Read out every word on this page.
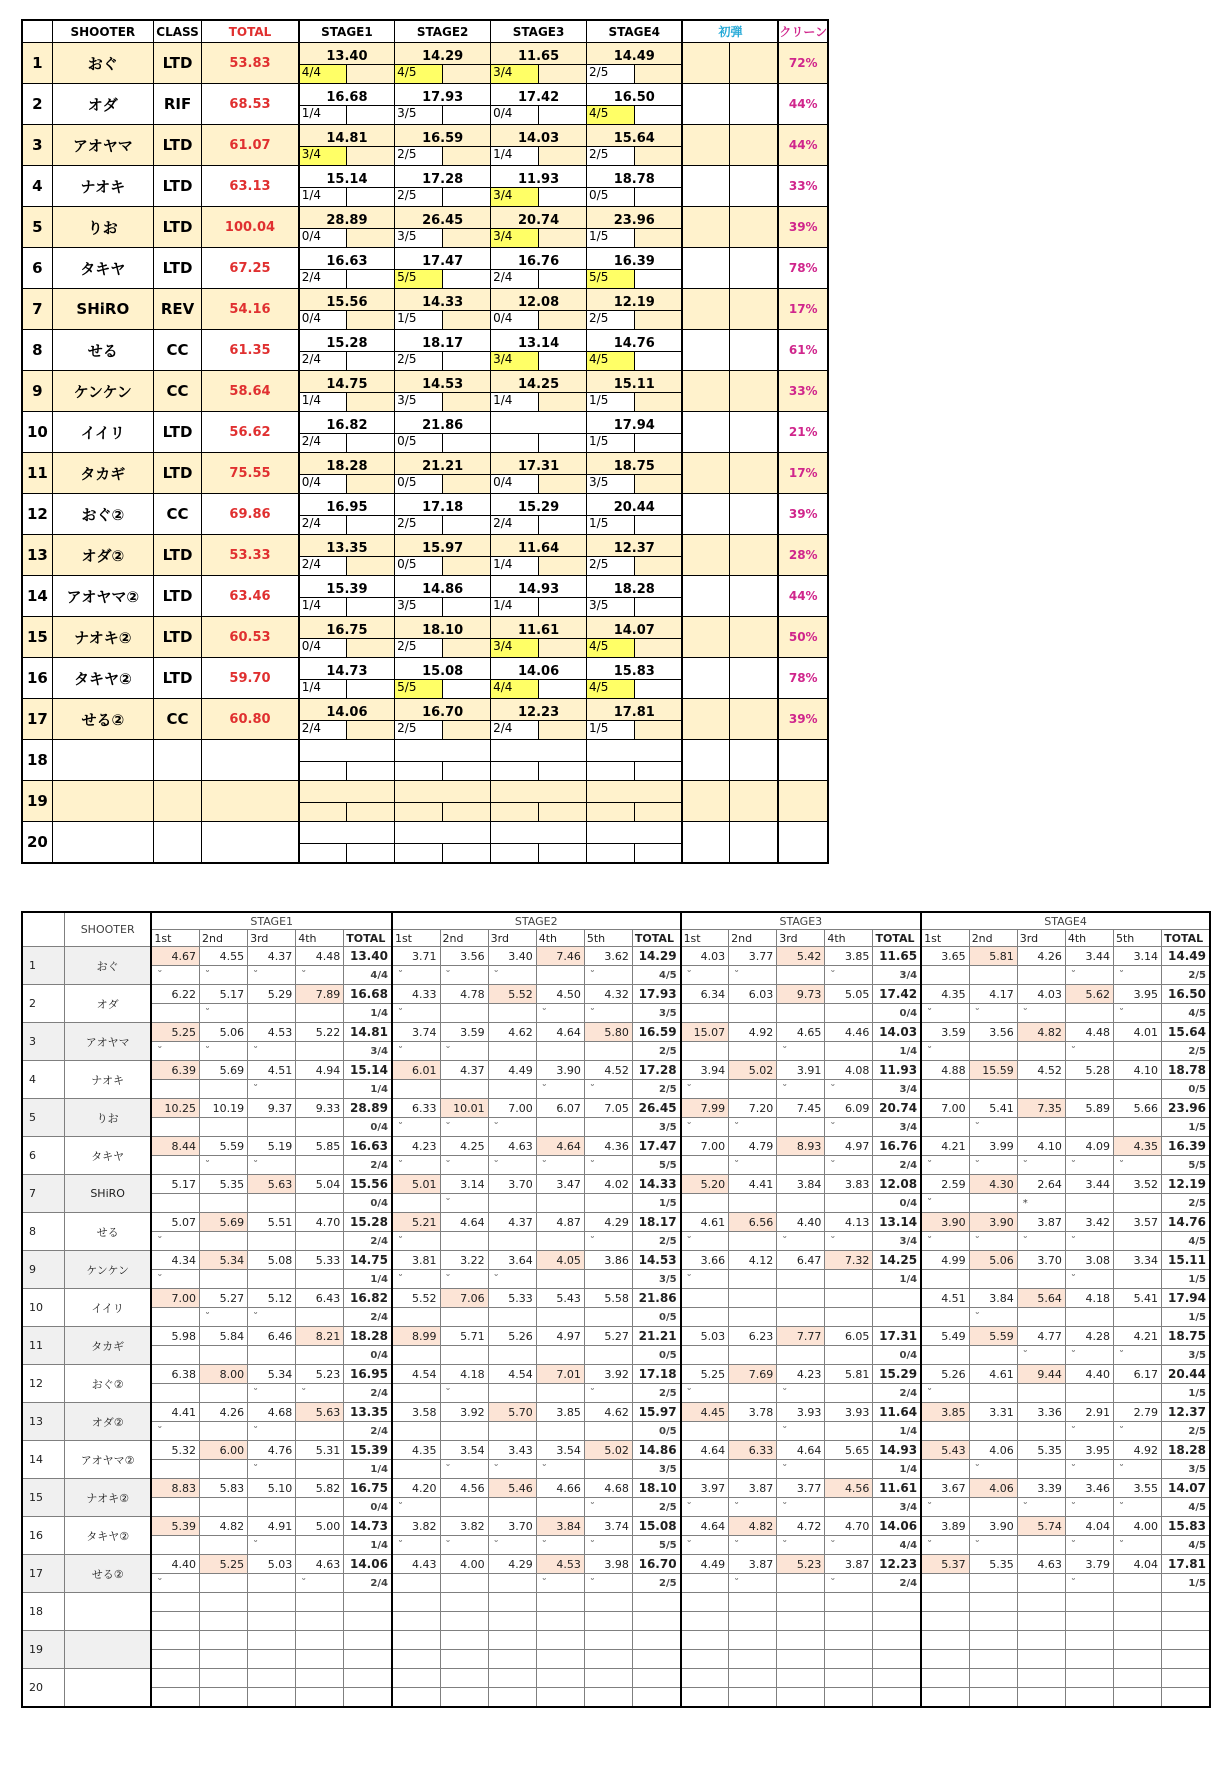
	SHOOTER	CLASS	TOTAL	STAGE1		STAGE2		STAGE3		STAGE4		初弾		クリーン
1	おぐ	LTD	53.83	13.40		14.29		11.65		14.49				72%
				4/4		4/5		3/4		2/5				
2	オダ	RIF	68.53	16.68		17.93		17.42		16.50				44%
				1/4		3/5		0/4		4/5				
3	アオヤマ	LTD	61.07	14.81		16.59		14.03		15.64				44%
				3/4		2/5		1/4		2/5				
4	ナオキ	LTD	63.13	15.14		17.28		11.93		18.78				33%
				1/4		2/5		3/4		0/5				
5	りお	LTD	100.04	28.89		26.45		20.74		23.96				39%
				0/4		3/5		3/4		1/5				
6	タキヤ	LTD	67.25	16.63		17.47		16.76		16.39				78%
				2/4		5/5		2/4		5/5				
7	SHiRO	REV	54.16	15.56		14.33		12.08		12.19				17%
				0/4		1/5		0/4		2/5				
8	せる	CC	61.35	15.28		18.17		13.14		14.76				61%
				2/4		2/5		3/4		4/5				
9	ケンケン	CC	58.64	14.75		14.53		14.25		15.11				33%
				1/4		3/5		1/4		1/5				
10	イイリ	LTD	56.62	16.82		21.86				17.94				21%
				2/4		0/5				1/5				
11	タカギ	LTD	75.55	18.28		21.21		17.31		18.75				17%
				0/4		0/5		0/4		3/5				
12	おぐ②	CC	69.86	16.95		17.18		15.29		20.44				39%
				2/4		2/5		2/4		1/5				
13	オダ②	LTD	53.33	13.35		15.97		11.64		12.37				28%
				2/4		0/5		1/4		2/5				
14	アオヤマ②	LTD	63.46	15.39		14.86		14.93		18.28				44%
				1/4		3/5		1/4		3/5				
15	ナオキ②	LTD	60.53	16.75		18.10		11.61		14.07				50%
				0/4		2/5		3/4		4/5				
16	タキヤ②	LTD	59.70	14.73		15.08		14.06		15.83				78%
				1/4		5/5		4/4		4/5				
17	せる②	CC	60.80	14.06		16.70		12.23		17.81				39%
				2/4		2/5		2/4		1/5				
18														

19														

20														

	SHOOTER	STAGE1					STAGE2						STAGE3					STAGE4					
		1st	2nd	3rd	4th	TOTAL	1st	2nd	3rd	4th	5th	TOTAL	1st	2nd	3rd	4th	TOTAL	1st	2nd	3rd	4th	5th	TOTAL
1	おぐ	4.67	4.55	4.37	4.48	13.40	3.71	3.56	3.40	7.46	3.62	14.29	4.03	3.77	5.42	3.85	11.65	3.65	5.81	4.26	3.44	3.14	14.49
		˘	˘	˘	˘	4/4	˘	˘	˘		˘	4/5	˘	˘		˘	3/4				˘	˘	2/5
2	オダ	6.22	5.17	5.29	7.89	16.68	4.33	4.78	5.52	4.50	4.32	17.93	6.34	6.03	9.73	5.05	17.42	4.35	4.17	4.03	5.62	3.95	16.50
			˘			1/4	˘			˘	˘	3/5					0/4	˘	˘	˘		˘	4/5
3	アオヤマ	5.25	5.06	4.53	5.22	14.81	3.74	3.59	4.62	4.64	5.80	16.59	15.07	4.92	4.65	4.46	14.03	3.59	3.56	4.82	4.48	4.01	15.64
		˘	˘	˘		3/4	˘	˘				2/5			˘		1/4	˘			˘		2/5
4	ナオキ	6.39	5.69	4.51	4.94	15.14	6.01	4.37	4.49	3.90	4.52	17.28	3.94	5.02	3.91	4.08	11.93	4.88	15.59	4.52	5.28	4.10	18.78
				˘		1/4				˘	˘	2/5	˘		˘	˘	3/4						0/5
5	りお	10.25	10.19	9.37	9.33	28.89	6.33	10.01	7.00	6.07	7.05	26.45	7.99	7.20	7.45	6.09	20.74	7.00	5.41	7.35	5.89	5.66	23.96
						0/4	˘	˘	˘			3/5	˘	˘		˘	3/4		˘				1/5
6	タキヤ	8.44	5.59	5.19	5.85	16.63	4.23	4.25	4.63	4.64	4.36	17.47	7.00	4.79	8.93	4.97	16.76	4.21	3.99	4.10	4.09	4.35	16.39
			˘	˘		2/4	˘	˘	˘	˘	˘	5/5		˘		˘	2/4	˘	˘	˘	˘	˘	5/5
7	SHiRO	5.17	5.35	5.63	5.04	15.56	5.01	3.14	3.70	3.47	4.02	14.33	5.20	4.41	3.84	3.83	12.08	2.59	4.30	2.64	3.44	3.52	12.19
						0/4		˘				1/5					0/4	˘		*			2/5
8	せる	5.07	5.69	5.51	4.70	15.28	5.21	4.64	4.37	4.87	4.29	18.17	4.61	6.56	4.40	4.13	13.14	3.90	3.90	3.87	3.42	3.57	14.76
		˘				2/4	˘				˘	2/5	˘		˘	˘	3/4	˘	˘	˘	˘		4/5
9	ケンケン	4.34	5.34	5.08	5.33	14.75	3.81	3.22	3.64	4.05	3.86	14.53	3.66	4.12	6.47	7.32	14.25	4.99	5.06	3.70	3.08	3.34	15.11
		˘				1/4	˘	˘	˘			3/5	˘				1/4				˘		1/5
10	イイリ	7.00	5.27	5.12	6.43	16.82	5.52	7.06	5.33	5.43	5.58	21.86						4.51	3.84	5.64	4.18	5.41	17.94
			˘	˘		2/4						0/5							˘				1/5
11	タカギ	5.98	5.84	6.46	8.21	18.28	8.99	5.71	5.26	4.97	5.27	21.21	5.03	6.23	7.77	6.05	17.31	5.49	5.59	4.77	4.28	4.21	18.75
						0/4						0/5					0/4			˘	˘	˘	3/5
12	おぐ②	6.38	8.00	5.34	5.23	16.95	4.54	4.18	4.54	7.01	3.92	17.18	5.25	7.69	4.23	5.81	15.29	5.26	4.61	9.44	4.40	6.17	20.44
				˘	˘	2/4		˘			˘	2/5	˘		˘		2/4	˘					1/5
13	オダ②	4.41	4.26	4.68	5.63	13.35	3.58	3.92	5.70	3.85	4.62	15.97	4.45	3.78	3.93	3.93	11.64	3.85	3.31	3.36	2.91	2.79	12.37
		˘		˘		2/4						0/5			˘		1/4				˘	˘	2/5
14	アオヤマ②	5.32	6.00	4.76	5.31	15.39	4.35	3.54	3.43	3.54	5.02	14.86	4.64	6.33	4.64	5.65	14.93	5.43	4.06	5.35	3.95	4.92	18.28
				˘		1/4		˘	˘	˘		3/5			˘		1/4		˘		˘	˘	3/5
15	ナオキ②	8.83	5.83	5.10	5.82	16.75	4.20	4.56	5.46	4.66	4.68	18.10	3.97	3.87	3.77	4.56	11.61	3.67	4.06	3.39	3.46	3.55	14.07
						0/4	˘				˘	2/5	˘	˘	˘		3/4	˘		˘	˘	˘	4/5
16	タキヤ②	5.39	4.82	4.91	5.00	14.73	3.82	3.82	3.70	3.84	3.74	15.08	4.64	4.82	4.72	4.70	14.06	3.89	3.90	5.74	4.04	4.00	15.83
				˘		1/4	˘	˘	˘	˘	˘	5/5	˘	˘	˘	˘	4/4	˘	˘		˘	˘	4/5
17	せる②	4.40	5.25	5.03	4.63	14.06	4.43	4.00	4.29	4.53	3.98	16.70	4.49	3.87	5.23	3.87	12.23	5.37	5.35	4.63	3.79	4.04	17.81
		˘			˘	2/4				˘	˘	2/5		˘		˘	2/4				˘		1/5
18																							

19																							

20																							
